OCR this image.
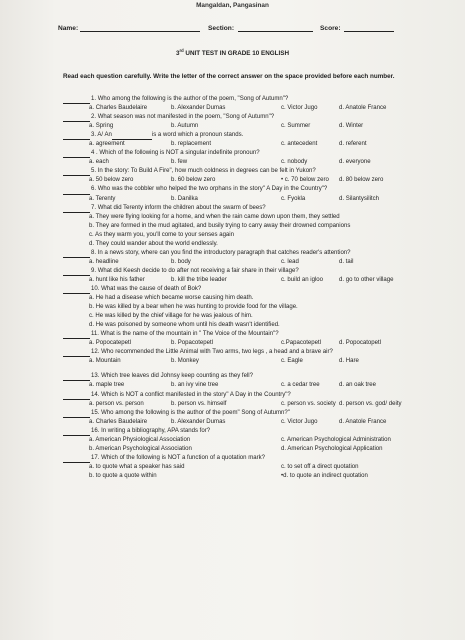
Mangaldan, Pangasinan
Name:	Section:	Score:
3rd UNIT TEST IN GRADE 10 ENGLISH
Read each question carefully. Write the letter of the correct answer on the space provided before each number.
1. Who among the following is the author of the poem, "Song of Autumn"?
a. Charles Baudelaire	b. Alexander Dumas	c. Victor Jugo	d. Anatole France
2. What season was not manifested in the poem, "Song of Autumn"?
a. Spring	b. Autumn	c. Summer	d. Winter
3. A/ An	is a word which a pronoun stands.
a. agreement	b. replacement	c. antecedent	d. referent
4 . Which of the following is NOT a singular indefinite pronoun?
a. each	b. few	c. nobody	d. everyone
5. In the story: To Build A Fire", how much coldness in degrees can be felt in Yukon?
a. 50 below zero	b. 60 below zero	• c. 70 below zero d. 80 below zero
6. Who was the cobbler who helped the two orphans in the story" A Day in the Country"?
a. Terenty	b. Danilka	c. Fyokla	d. Silantysilitch
7. What did Terenty inform the children about the swarm of bees?
a. They were flying looking for a home, and when the rain came down upon them, they settled
b. They are formed in the mud agitated, and busily trying to carry away their drowned companions
c. As they warm you, you'll come to your senses again
d. They could wander about the world endlessly.
8. In a news story, where can you find the introductory paragraph that catches reader's attention?
a. headline	b. body	c. lead	d. tail
9. What did Keesh decide to do after not receiving a fair share in their village?
a. hunt like his father	b. kill the tribe leader	c. build an igloo	d. go to other village
10. What was the cause of death of Bok?
a. He had a disease which became worse causing him death.
b. He was killed by a bear when he was hunting to provide food for the village.
c. He was killed by the chief village for he was jealous of him.
d. He was poisoned by someone whom until his death wasn't identified.
11. What is the name of the mountain in " The Voice of the Mountain"?
a. Popocatepetl	b. Popacotepetl	c.Papacotepetl	d. Popocatopetl
12. Who recommended the Little Animal with Two arms, two legs , a head and a brave air?
a. Mountain	b. Monkey	c. Eagle	d. Hare
13. Which tree leaves did Johnsy keep counting as they fell?
a. maple tree	b. an ivy vine tree	c. a cedar tree	d. an oak tree
14. Which is NOT a conflict manifested in the story" A Day in the Country"?
a. person vs. person	b. person vs. himself	c. person vs. society d. person vs. god/ deity
15. Who among the following is the author of the poem" Song of Autumn?"
a. Charles Baudelaire	b. Alexander Dumas	c. Victor Jugo	d. Anatole France
16. In writing a bibliography, APA stands for?
a. American Physiological Association	c. American Psychological Administration
b. American Psychological Association	d. American Psychological Application
17. Which of the following is NOT a function of a quotation mark?
a. to quote what a speaker has said	c. to set off a direct quotation
b. to quote a quote within	•d. to quote an indirect quotation
